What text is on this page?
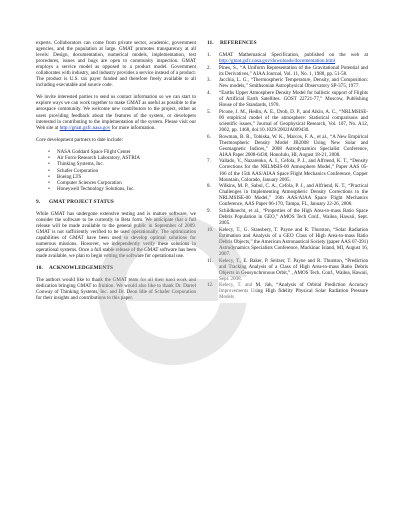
experts. Collaborators can come from private sector, academic, government agencies, and the population at large. GMAT promotes transparency at all levels: Design, documentation, numerical models, implementation, test procedures, issues and bugs are open to community inspection. GMAT employs a service model as opposed to a product model. Government collaborates with industry, and industry provides a service instead of a product. The product is U.S. tax payer funded and therefore freely available to all including executable and source code.

We invite interested parties to send us contact information so we can start to explore ways we can work together to make GMAT as useful as possible to the aerospace community. We welcome new contributors to the project, either as users providing feedback about the features of the system, or developers interested in contributing to the implementation of the system. Please visit our Web site at http://gmat.gsfc.nasa.gov for more information.

Core development partners to date include:

• NASA Goddard Space Flight Center
• Air Force Research Laboratory, ASTRIA
• Thinking Systems, Inc.
• Schafer Corporation
• Boeing LTS
• Computer Sciences Corporation
• Honeywell Technology Solutions, Inc.
9. GMAT PROJECT STATUS

While GMAT has undergone extensive testing and is mature software, we consider the software to be currently in Beta form. We anticipate that a full release will be made available to the general public in September of 2009. GMAT is not sufficiently verified to be used operationally. The optimization capabilities of GMAT have been used to develop optimal solutions for numerous missions. However, we independently verify these solutions in operational systems. Once a full stable release of the GMAT software has been made available, we plan to begin vetting the software for operational use.

10. ACKNOWLEDGEMENTS

The authors would like to thank the GMAT team for all their hard work and dedication bringing GMAT to fruition. We would also like to thank Dr. Darrel Conway of Thinking Systems, Inc. and Dr. Deon Idle of Schafer Corporation for their insights and contributions to this paper.

11. REFERENCES
1. GMAT Mathematical Specification, published on the web at http://gmat.gsfc.nasa.gov/downloads/documentation.html
2. Pines, S., “A Uniform Representation of the Gravitational Potential and its Derivatives,” AIAA Journal, Vol. 11, No. 1, 1988, pp. 51-58.
3. Jacchia, L. G., “Thermospheric Temperature, Density, and Composition: New models,” Smithsonian Astrophysical Observatory SP-375, 1977.
4. “Earths Upper Atmosphere Density Model for ballistic support of Flights of Artificial Earth Satellites. GOST 22721-77,” Moscow, Publishing House of the Standards, 1978.
5. Picone, J. M., Hedin, A. E., Drob, D. P., and Aikin, A. C., “NRLMSISE-00 empirical model of the atmosphere: Statistical comparisons and scientific issues,” Journal of Geophysical Research, Vol. 107, No. A12, 2002, pp. 1468, doi:10.1029/2002JA009430.
6. Bowman, B. R., Tobiska, W. K., Marcos, F. A., et al., “A New Empirical Thermospheric Density Model JB2008 Using New Solar and Geomagnetic Indices,” 2008 Astrodynamics Specialist Conference, AIAA Paper 2008-6438, Honolulu, HI, August 18-21, 2008.
7. Vallado, V., Nazarenko, A. I., Cefola, P. J., and Alfriend, K. T., “Density Corrections for the NRLMSIS-00 Atmosphere Model,” Paper AAS 05-166 of the 15th AAS/AIAA Space Flight Mechanics Conference, Copper Mountain, Colorado, January 2005.
8. Wilkins, M. P., Sabol, C. A., Cefola, P. J., and Alfriend, K. T., “Practical Challenges in Implementing Atmospheric Density Corrections to the NRLMSISE-00 Model,” 16th AAS/AIAA Space Flight Mechanics Conference, AAS Paper 06-170, Tampa, FL, January 22-26, 2006.
9. Schildknecht, et al., “Properties of the High Area-to-mass Ratio Space Debris Population in GEO,” AMOS Tech Conf., Wailea, Hawaii, Sept. 2005.
10. Kelecy, T., G. Stansbery, T. Payne and R. Thurston, “Solar Radiation Estimation and Analysis of a GEO Class of High Area-to-mass Ratio Debris Objects,” the American Astronautical Society (paper AAS 07-391) Astrodynamics Specialists Conference, Mackinac Island, MI, August 16, 2007.
11. Kelecy, T., E. Baker, P. Seitzer, T. Payne and R. Thurston, “Prediction and Tracking Analysis of a Class of High Area-to-mass Ratio Debris Objects in Geosynchronous Orbit,” , AMOS Tech. Conf., Wailea, Hawaii, Sept. 2008.
12. Kelecy, T. and M. Jah, “Analysis of Orbital Prediction Accuracy Improvements Using High fidelity Physical Solar Radiation Pressure Models
